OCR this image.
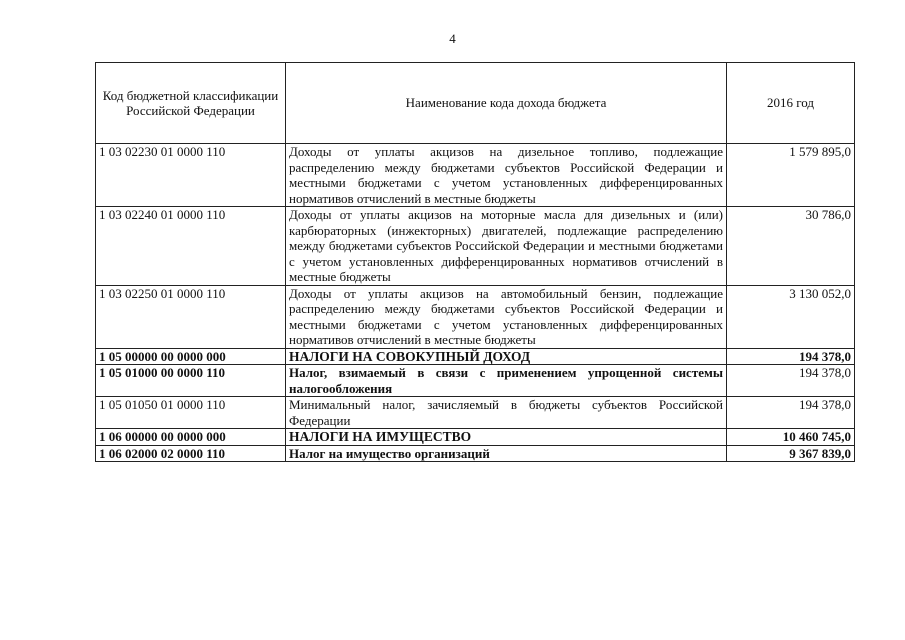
4
Код бюджетной классификации Российской Федерации	Наименование кода дохода бюджета	2016 год
1 03 02230 01 0000 110	Доходы от уплаты акцизов на дизельное топливо, подлежащие распределению между бюджетами субъектов Российской Федерации и местными бюджетами с учетом установленных дифференцированных нормативов отчислений в местные бюджеты	1 579 895,0
1 03 02240 01 0000 110	Доходы от уплаты акцизов на моторные масла для дизельных и (или) карбюраторных (инжекторных) двигателей, подлежащие распределению между бюджетами субъектов Российской Федерации и местными бюджетами с учетом установленных дифференцированных нормативов отчислений в местные бюджеты	30 786,0
1 03 02250 01 0000 110	Доходы от уплаты акцизов на автомобильный бензин, подлежащие распределению между бюджетами субъектов Российской Федерации и местными бюджетами с учетом установленных дифференцированных нормативов отчислений в местные бюджеты	3 130 052,0
1 05 00000 00 0000 000	НАЛОГИ НА СОВОКУПНЫЙ ДОХОД	194 378,0
1 05 01000 00 0000 110	Налог, взимаемый в связи с применением упрощенной системы налогообложения	194 378,0
1 05 01050 01 0000 110	Минимальный налог, зачисляемый в бюджеты субъектов Российской Федерации	194 378,0
1 06 00000 00 0000 000	НАЛОГИ НА ИМУЩЕСТВО	10 460 745,0
1 06 02000 02 0000 110	Налог на имущество организаций	9 367 839,0
